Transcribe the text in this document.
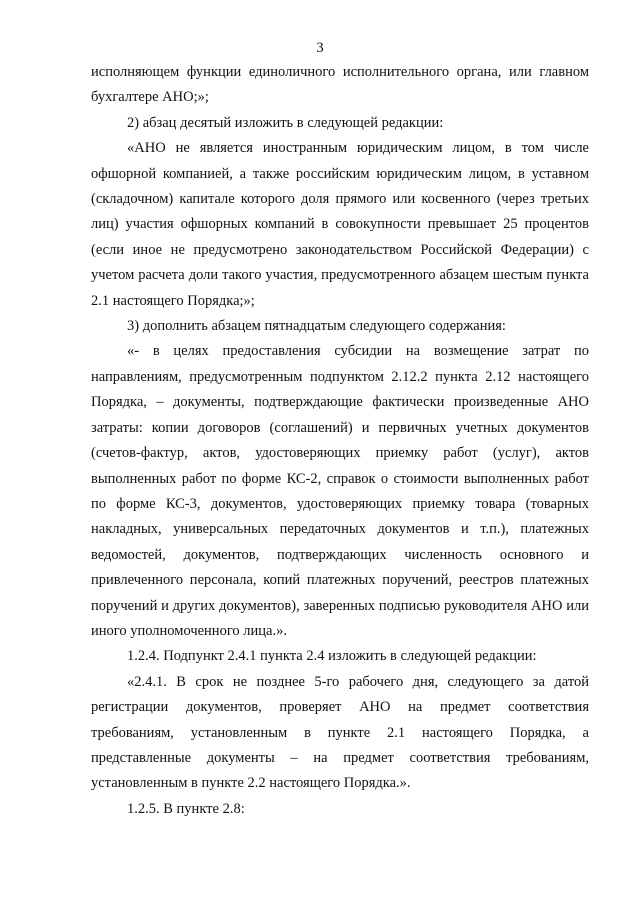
3

исполняющем функции единоличного исполнительного органа, или главном бухгалтере АНО;»;

2) абзац десятый изложить в следующей редакции:

«АНО не является иностранным юридическим лицом, в том числе офшорной компанией, а также российским юридическим лицом, в уставном (складочном) капитале которого доля прямого или косвенного (через третьих лиц) участия офшорных компаний в совокупности превышает 25 процентов (если иное не предусмотрено законодательством Российской Федерации) с учетом расчета доли такого участия, предусмотренного абзацем шестым пункта 2.1 настоящего Порядка;»;

3) дополнить абзацем пятнадцатым следующего содержания:

«- в целях предоставления субсидии на возмещение затрат по направлениям, предусмотренным подпунктом 2.12.2 пункта 2.12 настоящего Порядка, – документы, подтверждающие фактически произведенные АНО затраты: копии договоров (соглашений) и первичных учетных документов (счетов-фактур, актов, удостоверяющих приемку работ (услуг), актов выполненных работ по форме КС-2, справок о стоимости выполненных работ по форме КС-3, документов, удостоверяющих приемку товара (товарных накладных, универсальных передаточных документов и т.п.), платежных ведомостей, документов, подтверждающих численность основного и привлеченного персонала, копий платежных поручений, реестров платежных поручений и других документов), заверенных подписью руководителя АНО или иного уполномоченного лица.».

1.2.4. Подпункт 2.4.1 пункта 2.4 изложить в следующей редакции:

«2.4.1. В срок не позднее 5-го рабочего дня, следующего за датой регистрации документов, проверяет АНО на предмет соответствия требованиям, установленным в пункте 2.1 настоящего Порядка, а представленные документы – на предмет соответствия требованиям, установленным в пункте 2.2 настоящего Порядка.».

1.2.5. В пункте 2.8:
